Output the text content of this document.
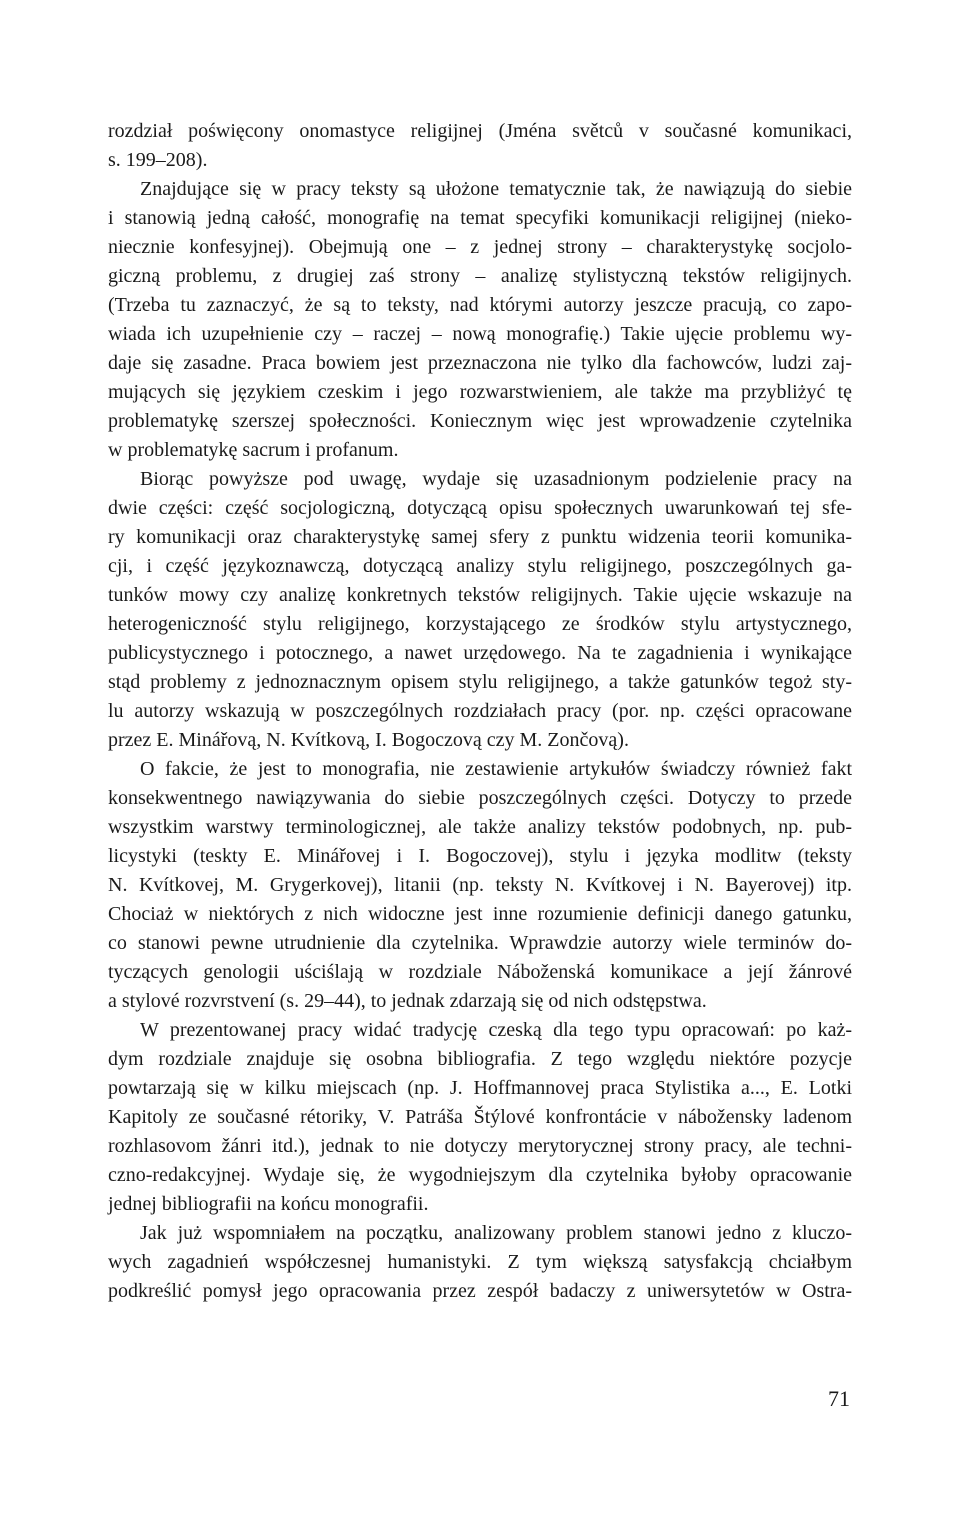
rozdział poświęcony onomastyce religijnej (Jména světců v současné komunikaci,
s. 199–208).
Znajdujące się w pracy teksty są ułożone tematycznie tak, że nawiązują do siebie
i stanowią jedną całość, monografię na temat specyfiki komunikacji religijnej (nieko-
niecznie konfesyjnej). Obejmują one – z jednej strony – charakterystykę socjolo-
giczną problemu, z drugiej zaś strony – analizę stylistyczną tekstów religijnych.
(Trzeba tu zaznaczyć, że są to teksty, nad którymi autorzy jeszcze pracują, co zapo-
wiada ich uzupełnienie czy – raczej – nową monografię.) Takie ujęcie problemu wy-
daje się zasadne. Praca bowiem jest przeznaczona nie tylko dla fachowców, ludzi zaj-
mujących się językiem czeskim i jego rozwarstwieniem, ale także ma przybliżyć tę
problematykę szerszej społeczności. Koniecznym więc jest wprowadzenie czytelnika
w problematykę sacrum i profanum.
Biorąc powyższe pod uwagę, wydaje się uzasadnionym podzielenie pracy na
dwie części: część socjologiczną, dotyczącą opisu społecznych uwarunkowań tej sfe-
ry komunikacji oraz charakterystykę samej sfery z punktu widzenia teorii komunika-
cji, i część językoznawczą, dotyczącą analizy stylu religijnego, poszczególnych ga-
tunków mowy czy analizę konkretnych tekstów religijnych. Takie ujęcie wskazuje na
heterogeniczność stylu religijnego, korzystającego ze środków stylu artystycznego,
publicystycznego i potocznego, a nawet urzędowego. Na te zagadnienia i wynikające
stąd problemy z jednoznacznym opisem stylu religijnego, a także gatunków tegoż sty-
lu autorzy wskazują w poszczególnych rozdziałach pracy (por. np. części opracowane
przez E. Minářovą, N. Kvítkovą, I. Bogoczovą czy M. Zončovą).
O fakcie, że jest to monografia, nie zestawienie artykułów świadczy również fakt
konsekwentnego nawiązywania do siebie poszczególnych części. Dotyczy to przede
wszystkim warstwy terminologicznej, ale także analizy tekstów podobnych, np. pub-
licystyki (teskty E. Minářovej i I. Bogoczovej), stylu i języka modlitw (teksty
N. Kvítkovej, M. Grygerkovej), litanii (np. teksty N. Kvítkovej i N. Bayerovej) itp.
Chociaż w niektórych z nich widoczne jest inne rozumienie definicji danego gatunku,
co stanowi pewne utrudnienie dla czytelnika. Wprawdzie autorzy wiele terminów do-
tyczących genologii uściślają w rozdziale Náboženská komunikace a její žánrové
a stylové rozvrstvení (s. 29–44), to jednak zdarzają się od nich odstępstwa.
W prezentowanej pracy widać tradycję czeską dla tego typu opracowań: po każ-
dym rozdziale znajduje się osobna bibliografia. Z tego względu niektóre pozycje
powtarzają się w kilku miejscach (np. J. Hoffmannovej praca Stylistika a..., E. Lotki
Kapitoly ze současné rétoriky, V. Patráša Štýlové konfrontácie v nábožensky ladenom
rozhlasovom žánri itd.), jednak to nie dotyczy merytorycznej strony pracy, ale techni-
czno-redakcyjnej. Wydaje się, że wygodniejszym dla czytelnika byłoby opracowanie
jednej bibliografii na końcu monografii.
Jak już wspomniałem na początku, analizowany problem stanowi jedno z kluczo-
wych zagadnień współczesnej humanistyki. Z tym większą satysfakcją chciałbym
podkreślić pomysł jego opracowania przez zespół badaczy z uniwersytetów w Ostra-
71
